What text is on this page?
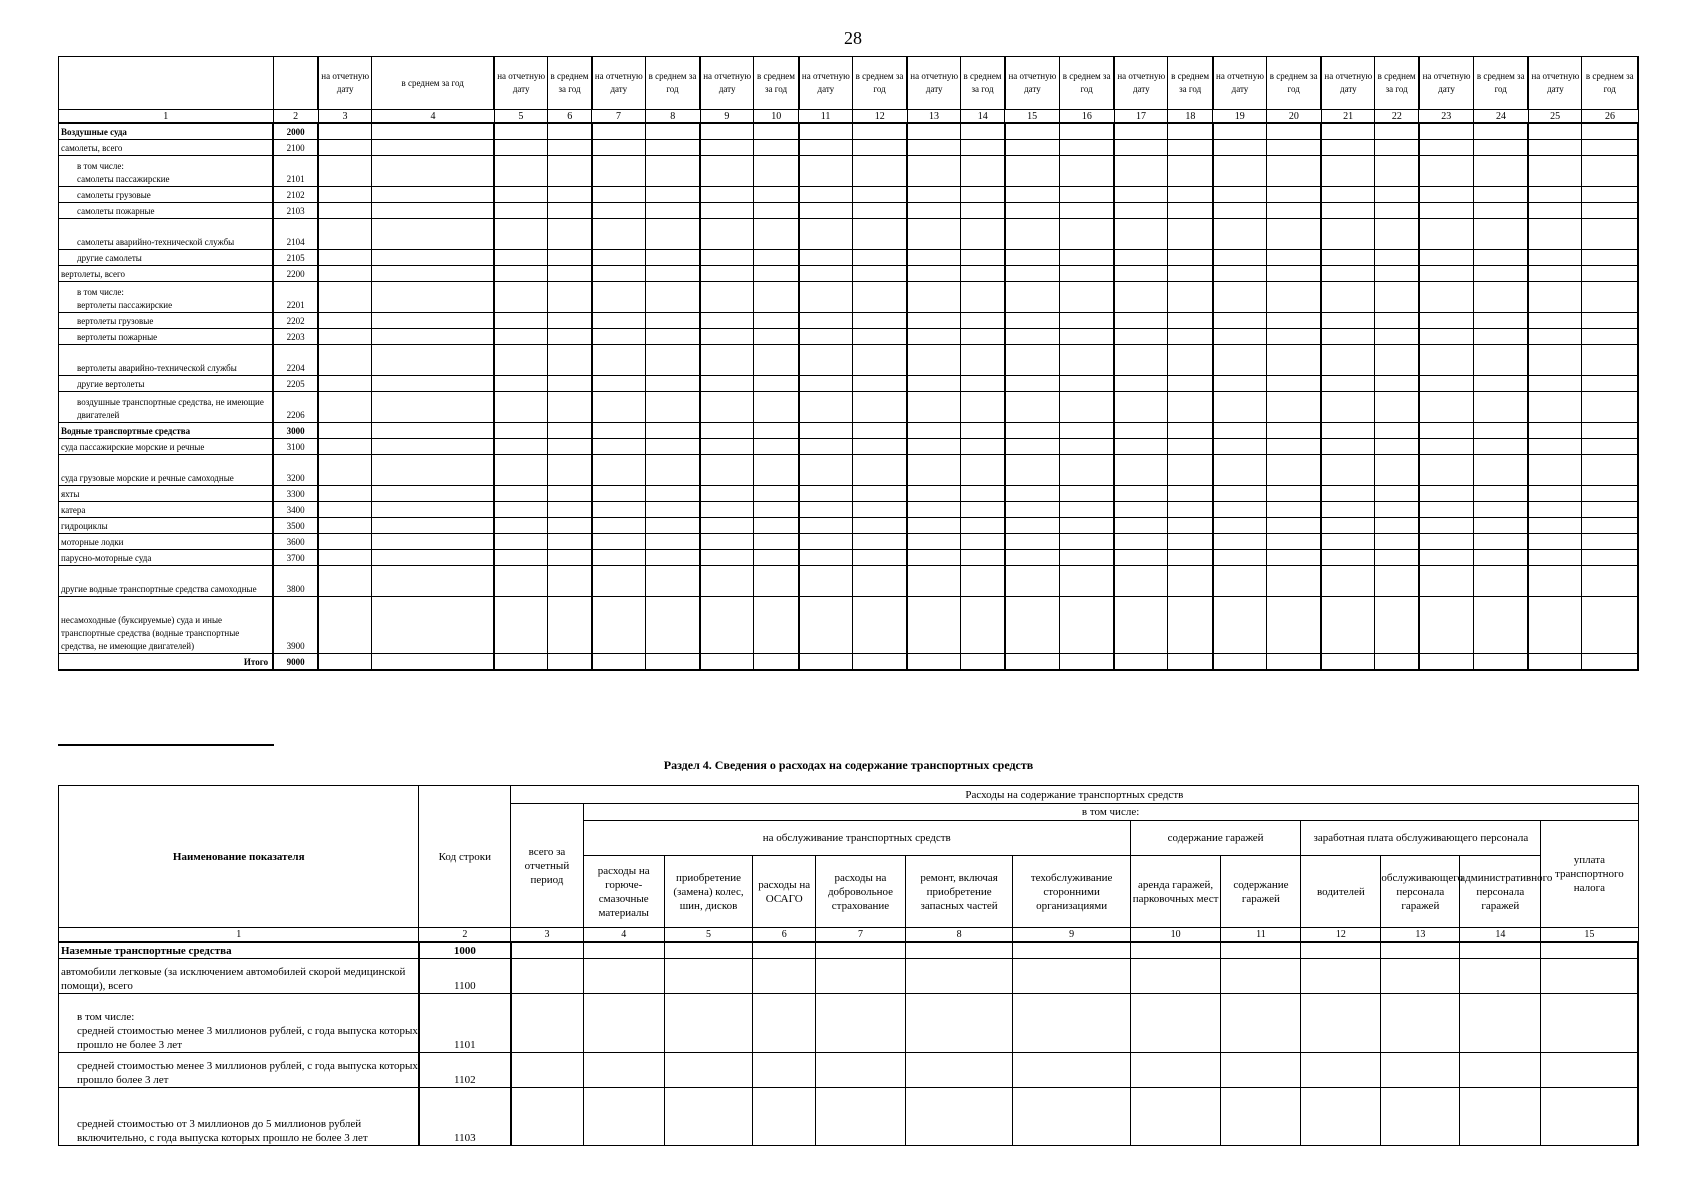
28
		на отчетную дату	в среднем за год	на отчетную дату	в среднем за год	на отчетную дату	в среднем за год	на отчетную дату	в среднем за год	на отчетную дату	в среднем за год	на отчетную дату	в среднем за год	на отчетную дату	в среднем за год	на отчетную дату	в среднем за год	на отчетную дату	в среднем за год	на отчетную дату	в среднем за год	на отчетную дату	в среднем за год	на отчетную дату	в среднем за год
1	2	3	4	5	6	7	8	9	10	11	12	13	14	15	16	17	18	19	20	21	22	23	24	25	26
Воздушные суда	2000																								
самолеты, всего	2100																								
в том числе:
самолеты пассажирские	2101																								
самолеты грузовые	2102																								
самолеты пожарные	2103																								
самолеты аварийно-технической службы	2104																								
другие самолеты	2105																								
вертолеты, всего	2200																								
в том числе:
вертолеты пассажирские	2201																								
вертолеты грузовые	2202																								
вертолеты пожарные	2203																								
вертолеты аварийно-технической службы	2204																								
другие вертолеты	2205																								
воздушные транспортные средства, не имеющие двигателей	2206																								
Водные транспортные средства	3000																								
суда пассажирские морские и речные	3100																								
суда грузовые морские и речные самоходные	3200																								
яхты	3300																								
катера	3400																								
гидроциклы	3500																								
моторные лодки	3600																								
парусно-моторные суда	3700																								
другие водные транспортные средства самоходные	3800																								
несамоходные (буксируемые) суда и иные транспортные средства (водные транспортные средства, не имеющие двигателей)	3900																								
Итого	9000																								
Раздел 4. Сведения о расходах на содержание транспортных средств
Наименование показателя	Код строки	Расходы на содержание транспортных средств												
		всего за отчетный период	в том числе:											
			на обслуживание транспортных средств						содержание гаражей		заработная плата обслуживающего персонала			уплата транспортного налога
			расходы на горюче-смазочные материалы	приобретение (замена) колес, шин, дисков	расходы на ОСАГО	расходы на добровольное страхование	ремонт, включая приобретение запасных частей	техобслуживание сторонними организациями	аренда гаражей, парковочных мест	содержание гаражей	водителей	обслуживающего персонала гаражей	административного персонала гаражей	
1	2	3	4	5	6	7	8	9	10	11	12	13	14	15
Наземные транспортные средства	1000													
автомобили легковые (за исключением автомобилей скорой медицинской помощи), всего	1100													
в том числе:
средней стоимостью менее 3 миллионов рублей, с года выпуска которых прошло не более 3 лет	1101													
средней стоимостью менее 3 миллионов рублей, с года выпуска которых прошло более 3 лет	1102													
средней стоимостью от 3 миллионов до 5 миллионов рублей включительно, с года выпуска которых прошло не более 3 лет	1103													
